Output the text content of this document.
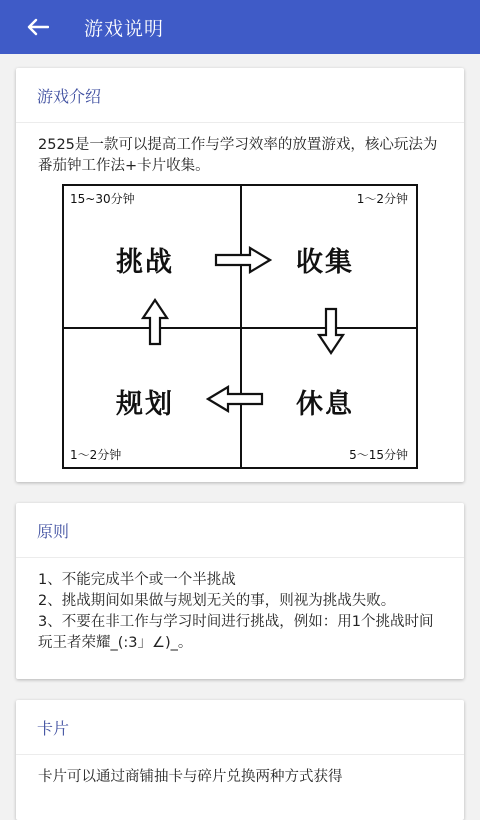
游戏说明
游戏介绍
2525是一款可以提高工作与学习效率的放置游戏，核心玩法为番茄钟工作法+卡片收集。
15~30分钟	1～2分钟
1～2分钟	5～15分钟
挑战	收集
规划	休息
原则
1、不能完成半个或一个半挑战
2、挑战期间如果做与规划无关的事，则视为挑战失败。
3、不要在非工作与学习时间进行挑战，例如：用1个挑战时间玩王者荣耀_(:3」∠)_。
卡片
卡片可以通过商铺抽卡与碎片兑换两种方式获得
